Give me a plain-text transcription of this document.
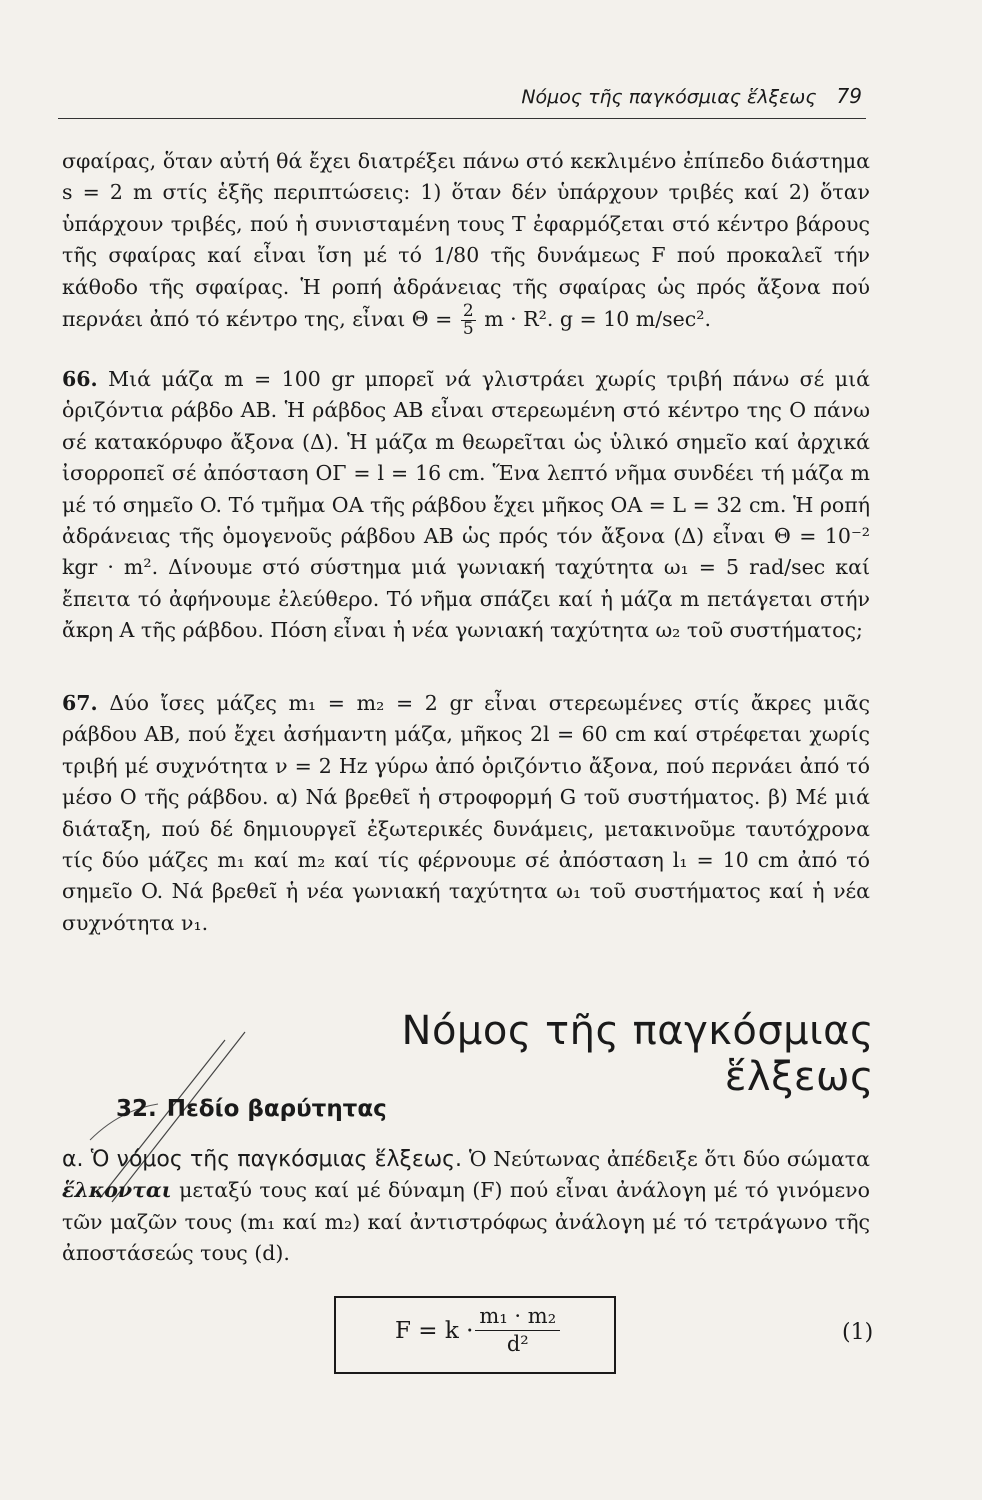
Νόμος τῆς παγκόσμιας ἕλξεως 79

σφαίρας, ὅταν αὐτή θά ἔχει διατρέξει πάνω στό κεκλιμένο ἐπίπεδο διάστημα s = 2 m στίς ἑξῆς περιπτώσεις: 1) ὅταν δέν ὑπάρχουν τριβές καί 2) ὅταν ὑπάρχουν τριβές, πού ἡ συνισταμένη τους T ἐφαρμόζεται στό κέντρο βάρους τῆς σφαίρας καί εἶναι ἴση μέ τό 1/80 τῆς δυνάμεως F πού προκαλεῖ τήν κάθοδο τῆς σφαίρας. Ἡ ροπή ἀδράνειας τῆς σφαίρας ὡς πρός ἄξονα πού περνάει ἀπό τό κέντρο της, εἶναι $\Theta = \frac{2}{5}$ m · R². g = 10 m/sec².

66. Μιά μάζα m = 100 gr μπορεῖ νά γλιστράει χωρίς τριβή πάνω σέ μιά ὁριζόντια ράβδο AB. Ἡ ράβδος AB εἶναι στερεωμένη στό κέντρο της O πάνω σέ κατακόρυφο ἄξονα (Δ). Ἡ μάζα m θεωρεῖται ὡς ὑλικό σημεῖο καί ἀρχικά ἰσορροπεῖ σέ ἀπόσταση OΓ = l = 16 cm. Ἕνα λεπτό νῆμα συνδέει τή μάζα m μέ τό σημεῖο O. Τό τμῆμα OA τῆς ράβδου ἔχει μῆκος OA = L = 32 cm. Ἡ ροπή ἀδράνειας τῆς ὁμογενοῦς ράβδου AB ὡς πρός τόν ἄξονα (Δ) εἶναι Θ = 10⁻² kgr · m². Δίνουμε στό σύστημα μιά γωνιακή ταχύτητα ω₁ = 5 rad/sec καί ἔπειτα τό ἀφήνουμε ἐλεύθερο. Τό νῆμα σπάζει καί ἡ μάζα m πετάγεται στήν ἄκρη A τῆς ράβδου. Πόση εἶναι ἡ νέα γωνιακή ταχύτητα ω₂ τοῦ συστήματος;

67. Δύο ἴσες μάζες m₁ = m₂ = 2 gr εἶναι στερεωμένες στίς ἄκρες μιᾶς ράβδου AB, πού ἔχει ἀσήμαντη μάζα, μῆκος 2l = 60 cm καί στρέφεται χωρίς τριβή μέ συχνότητα ν = 2 Hz γύρω ἀπό ὁριζόντιο ἄξονα, πού περνάει ἀπό τό μέσο O τῆς ράβδου. α) Νά βρεθεῖ ἡ στροφορμή G τοῦ συστήματος. β) Μέ μιά διάταξη, πού δέ δημιουργεῖ ἐξωτερικές δυνάμεις, μετακινοῦμε ταυτόχρονα τίς δύο μάζες m₁ καί m₂ καί τίς φέρνουμε σέ ἀπόσταση l₁ = 10 cm ἀπό τό σημεῖο O. Νά βρεθεῖ ἡ νέα γωνιακή ταχύτητα ω₁ τοῦ συστήματος καί ἡ νέα συχνότητα ν₁.

Νόμος τῆς παγκόσμιας ἕλξεως
32. Πεδίο βαρύτητας

α. Ὁ νόμος τῆς παγκόσμιας ἕλξεως. Ὁ Νεύτωνας ἀπέδειξε ὅτι δύο σώματα ἕλκονται μεταξύ τους καί μέ δύναμη (F) πού εἶναι ἀνάλογη μέ τό γινόμενο τῶν μαζῶν τους (m₁ καί m₂) καί ἀντιστρόφως ἀνάλογη μέ τό τετράγωνο τῆς ἀποστάσεώς τους (d).

$F = k \cdot \frac{\text{m₁ · m₂}}{\text{d²}}$	(1)
